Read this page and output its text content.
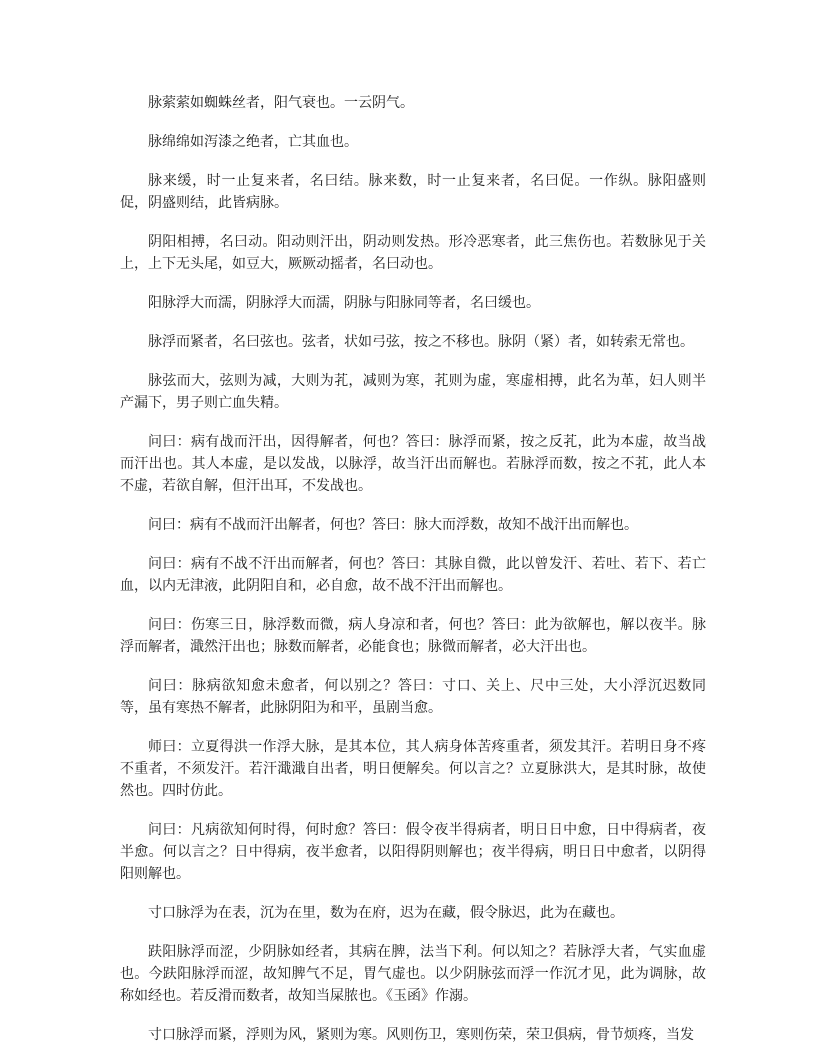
脉萦萦如蜘蛛丝者，阳气衰也。一云阴气。

脉绵绵如泻漆之绝者，亡其血也。

脉来缓，时一止复来者，名曰结。脉来数，时一止复来者，名曰促。一作纵。脉阳盛则促，阴盛则结，此皆病脉。

阴阳相搏，名曰动。阳动则汗出，阴动则发热。形冷恶寒者，此三焦伤也。若数脉见于关上，上下无头尾，如豆大，厥厥动摇者，名曰动也。

阳脉浮大而濡，阴脉浮大而濡，阴脉与阳脉同等者，名曰缓也。

脉浮而紧者，名曰弦也。弦者，状如弓弦，按之不移也。脉阴（紧）者，如转索无常也。

脉弦而大，弦则为减，大则为芤，减则为寒，芤则为虚，寒虚相搏，此名为革，妇人则半产漏下，男子则亡血失精。

问曰：病有战而汗出，因得解者，何也？答曰：脉浮而紧，按之反芤，此为本虚，故当战而汗出也。其人本虚，是以发战，以脉浮，故当汗出而解也。若脉浮而数，按之不芤，此人本不虚，若欲自解，但汗出耳，不发战也。

问曰：病有不战而汗出解者，何也？答曰：脉大而浮数，故知不战汗出而解也。

问曰：病有不战不汗出而解者，何也？答曰：其脉自微，此以曾发汗、若吐、若下、若亡血，以内无津液，此阴阳自和，必自愈，故不战不汗出而解也。

问曰：伤寒三日，脉浮数而微，病人身凉和者，何也？答曰：此为欲解也，解以夜半。脉浮而解者，濈然汗出也；脉数而解者，必能食也；脉微而解者，必大汗出也。

问曰：脉病欲知愈未愈者，何以别之？答曰：寸口、关上、尺中三处，大小浮沉迟数同等，虽有寒热不解者，此脉阴阳为和平，虽剧当愈。

师曰：立夏得洪一作浮大脉，是其本位，其人病身体苦疼重者，须发其汗。若明日身不疼不重者，不须发汗。若汗濈濈自出者，明日便解矣。何以言之？立夏脉洪大，是其时脉，故使然也。四时仿此。

问曰：凡病欲知何时得，何时愈？答曰：假令夜半得病者，明日日中愈，日中得病者，夜半愈。何以言之？日中得病，夜半愈者，以阳得阴则解也；夜半得病，明日日中愈者，以阴得阳则解也。

寸口脉浮为在表，沉为在里，数为在府，迟为在藏，假令脉迟，此为在藏也。

趺阳脉浮而涩，少阴脉如经者，其病在脾，法当下利。何以知之？若脉浮大者，气实血虚也。今趺阳脉浮而涩，故知脾气不足，胃气虚也。以少阴脉弦而浮一作沉才见，此为调脉，故称如经也。若反滑而数者，故知当屎脓也。《玉函》作溺。

寸口脉浮而紧，浮则为风，紧则为寒。风则伤卫，寒则伤荣，荣卫俱病，骨节烦疼，当发
